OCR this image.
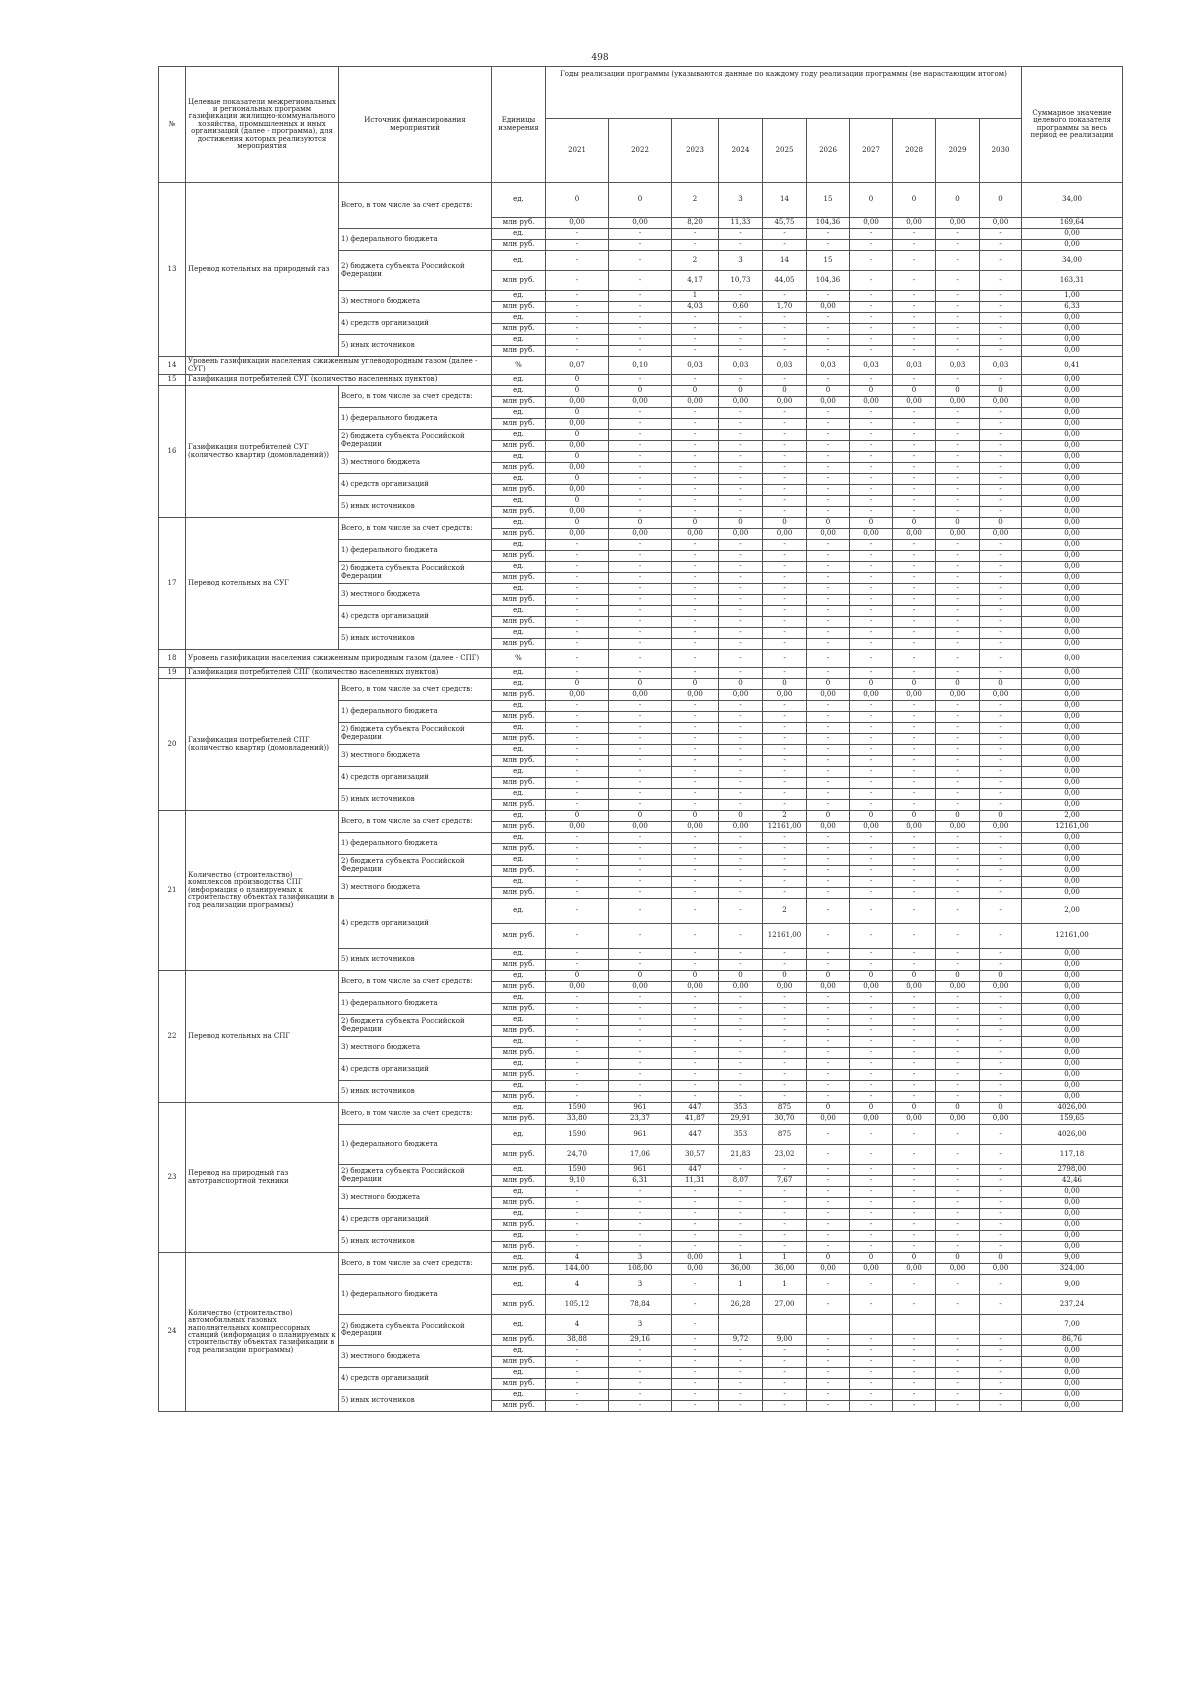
498
№	Целевые показатели межрегиональных и региональных программ газификации жилищно-коммунального хозяйства, промышленных и иных организаций (далее - программа), для достижения которых реализуются мероприятия	Источник финансирования мероприятий	Единицы измерения	Годы реализации программы (указываются данные по каждому году реализации программы (не нарастающим итогом)										Суммарное значение целевого показателя программы за весь период ее реализации
				2021	2022	2023	2024	2025	2026	2027	2028	2029	2030	
13	Перевод котельных на природный газ	Всего, в том числе за счет средств:	ед.	0	0	2	3	14	15	0	0	0	0	34,00
			млн руб.	0,00	0,00	8,20	11,33	45,75	104,36	0,00	0,00	0,00	0,00	169,64
		1) федерального бюджета	ед.	-	-	-	-	-	-	-	-	-	-	0,00
			млн руб.	-	-	-	-	-	-	-	-	-	-	0,00
		2) бюджета субъекта Российской Федерации	ед.	-	-	2	3	14	15	-	-	-	-	34,00
			млн руб.	-	-	4,17	10,73	44,05	104,36	-	-	-	-	163,31
		3) местного бюджета	ед.	-	-	1	-	-	-	-	-	-	-	1,00
			млн руб.	-	-	4,03	0,60	1,70	0,00	-	-	-	-	6,33
		4) средств организаций	ед.	-	-	-	-	-	-	-	-	-	-	0,00
			млн руб.	-	-	-	-	-	-	-	-	-	-	0,00
		5) иных источников	ед.	-	-	-	-	-	-	-	-	-	-	0,00
			млн руб.	-	-	-	-	-	-	-	-	-	-	0,00
14	Уровень газификации населения сжиженным углеводородным газом (далее - СУГ)		%	0,07	0,10	0,03	0,03	0,03	0,03	0,03	0,03	0,03	0,03	0,41
15	Газификация потребителей СУГ (количество населенных пунктов)		ед.	0	-	-	-	-	-	-	-	-	-	0,00
16	Газификация потребителей СУГ (количество квартир (домовладений))	Всего, в том числе за счет средств:	ед.	0	0	0	0	0	0	0	0	0	0	0,00
			млн руб.	0,00	0,00	0,00	0,00	0,00	0,00	0,00	0,00	0,00	0,00	0,00
		1) федерального бюджета	ед.	0	-	-	-	-	-	-	-	-	-	0,00
			млн руб.	0,00	-	-	-	-	-	-	-	-	-	0,00
		2) бюджета субъекта Российской Федерации	ед.	0	-	-	-	-	-	-	-	-	-	0,00
			млн руб.	0,00	-	-	-	-	-	-	-	-	-	0,00
		3) местного бюджета	ед.	0	-	-	-	-	-	-	-	-	-	0,00
			млн руб.	0,00	-	-	-	-	-	-	-	-	-	0,00
		4) средств организаций	ед.	0	-	-	-	-	-	-	-	-	-	0,00
			млн руб.	0,00	-	-	-	-	-	-	-	-	-	0,00
		5) иных источников	ед.	0	-	-	-	-	-	-	-	-	-	0,00
			млн руб.	0,00	-	-	-	-	-	-	-	-	-	0,00
17	Перевод котельных на СУГ	Всего, в том числе за счет средств:	ед.	0	0	0	0	0	0	0	0	0	0	0,00
			млн руб.	0,00	0,00	0,00	0,00	0,00	0,00	0,00	0,00	0,00	0,00	0,00
		1) федерального бюджета	ед.	-	-	-	-	-	-	-	-	-	-	0,00
			млн руб.	-	-	-	-	-	-	-	-	-	-	0,00
		2) бюджета субъекта Российской Федерации	ед.	-	-	-	-	-	-	-	-	-	-	0,00
			млн руб.	-	-	-	-	-	-	-	-	-	-	0,00
		3) местного бюджета	ед.	-	-	-	-	-	-	-	-	-	-	0,00
			млн руб.	-	-	-	-	-	-	-	-	-	-	0,00
		4) средств организаций	ед.	-	-	-	-	-	-	-	-	-	-	0,00
			млн руб.	-	-	-	-	-	-	-	-	-	-	0,00
		5) иных источников	ед.	-	-	-	-	-	-	-	-	-	-	0,00
			млн руб.	-	-	-	-	-	-	-	-	-	-	0,00
18	Уровень газификации населения сжиженным природным газом (далее - СПГ)		%	-	-	-	-	-	-	-	-	-	-	0,00
19	Газификация потребителей СПГ (количество населенных пунктов)		ед.	-	-	-	-	-	-	-	-	-	-	0,00
20	Газификация потребителей СПГ (количество квартир (домовладений))	Всего, в том числе за счет средств:	ед.	0	0	0	0	0	0	0	0	0	0	0,00
			млн руб.	0,00	0,00	0,00	0,00	0,00	0,00	0,00	0,00	0,00	0,00	0,00
		1) федерального бюджета	ед.	-	-	-	-	-	-	-	-	-	-	0,00
			млн руб.	-	-	-	-	-	-	-	-	-	-	0,00
		2) бюджета субъекта Российской Федерации	ед.	-	-	-	-	-	-	-	-	-	-	0,00
			млн руб.	-	-	-	-	-	-	-	-	-	-	0,00
		3) местного бюджета	ед.	-	-	-	-	-	-	-	-	-	-	0,00
			млн руб.	-	-	-	-	-	-	-	-	-	-	0,00
		4) средств организаций	ед.	-	-	-	-	-	-	-	-	-	-	0,00
			млн руб.	-	-	-	-	-	-	-	-	-	-	0,00
		5) иных источников	ед.	-	-	-	-	-	-	-	-	-	-	0,00
			млн руб.	-	-	-	-	-	-	-	-	-	-	0,00
21	Количество (строительство) комплексов производства СПГ (информация о планируемых к строительству объектах газификации в год реализации программы)	Всего, в том числе за счет средств:	ед.	0	0	0	0	2	0	0	0	0	0	2,00
			млн руб.	0,00	0,00	0,00	0,00	12161,00	0,00	0,00	0,00	0,00	0,00	12161,00
		1) федерального бюджета	ед.	-	-	-	-	-	-	-	-	-	-	0,00
			млн руб.	-	-	-	-	-	-	-	-	-	-	0,00
		2) бюджета субъекта Российской Федерации	ед.	-	-	-	-	-	-	-	-	-	-	0,00
			млн руб.	-	-	-	-	-	-	-	-	-	-	0,00
		3) местного бюджета	ед.	-	-	-	-	-	-	-	-	-	-	0,00
			млн руб.	-	-	-	-	-	-	-	-	-	-	0,00
		4) средств организаций	ед.	-	-	-	-	2	-	-	-	-	-	2,00
			млн руб.	-	-	-	-	12161,00	-	-	-	-	-	12161,00
		5) иных источников	ед.	-	-	-	-	-	-	-	-	-	-	0,00
			млн руб.	-	-	-	-	-	-	-	-	-	-	0,00
22	Перевод котельных на СПГ	Всего, в том числе за счет средств:	ед.	0	0	0	0	0	0	0	0	0	0	0,00
			млн руб.	0,00	0,00	0,00	0,00	0,00	0,00	0,00	0,00	0,00	0,00	0,00
		1) федерального бюджета	ед.	-	-	-	-	-	-	-	-	-	-	0,00
			млн руб.	-	-	-	-	-	-	-	-	-	-	0,00
		2) бюджета субъекта Российской Федерации	ед.	-	-	-	-	-	-	-	-	-	-	0,00
			млн руб.	-	-	-	-	-	-	-	-	-	-	0,00
		3) местного бюджета	ед.	-	-	-	-	-	-	-	-	-	-	0,00
			млн руб.	-	-	-	-	-	-	-	-	-	-	0,00
		4) средств организаций	ед.	-	-	-	-	-	-	-	-	-	-	0,00
			млн руб.	-	-	-	-	-	-	-	-	-	-	0,00
		5) иных источников	ед.	-	-	-	-	-	-	-	-	-	-	0,00
			млн руб.	-	-	-	-	-	-	-	-	-	-	0,00
23	Перевод на природный газ автотранспортной техники	Всего, в том числе за счет средств:	ед.	1590	961	447	353	875	0	0	0	0	0	4026,00
			млн руб.	33,80	23,37	41,87	29,91	30,70	0,00	0,00	0,00	0,00	0,00	159,65
		1) федерального бюджета	ед.	1590	961	447	353	875	-	-	-	-	-	4026,00
			млн руб.	24,70	17,06	30,57	21,83	23,02	-	-	-	-	-	117,18
		2) бюджета субъекта Российской Федерации	ед.	1590	961	447	-	-	-	-	-	-	-	2798,00
			млн руб.	9,10	6,31	11,31	8,07	7,67	-	-	-	-	-	42,46
		3) местного бюджета	ед.	-	-	-	-	-	-	-	-	-	-	0,00
			млн руб.	-	-	-	-	-	-	-	-	-	-	0,00
		4) средств организаций	ед.	-	-	-	-	-	-	-	-	-	-	0,00
			млн руб.	-	-	-	-	-	-	-	-	-	-	0,00
		5) иных источников	ед.	-	-	-	-	-	-	-	-	-	-	0,00
			млн руб.	-	-	-	-	-	-	-	-	-	-	0,00
24	Количество (строительство) автомобильных газовых наполнительных компрессорных станций (информация о планируемых к строительству объектах газификации в год реализации программы)	Всего, в том числе за счет средств:	ед.	4	3	0,00	1	1	0	0	0	0	0	9,00
			млн руб.	144,00	108,00	0,00	36,00	36,00	0,00	0,00	0,00	0,00	0,00	324,00
		1) федерального бюджета	ед.	4	3	-	1	1	-	-	-	-	-	9,00
			млн руб.	105,12	78,84	-	26,28	27,00	-	-	-	-	-	237,24
		2) бюджета субъекта Российской Федерации	ед.	4	3	-								7,00
			млн руб.	38,88	29,16	-	9,72	9,00	-	-	-	-	-	86,76
		3) местного бюджета	ед.	-	-	-	-	-	-	-	-	-	-	0,00
			млн руб.	-	-	-	-	-	-	-	-	-	-	0,00
		4) средств организаций	ед.	-	-	-	-	-	-	-	-	-	-	0,00
			млн руб.	-	-	-	-	-	-	-	-	-	-	0,00
		5) иных источников	ед.	-	-	-	-	-	-	-	-	-	-	0,00
			млн руб.	-	-	-	-	-	-	-	-	-	-	0,00
